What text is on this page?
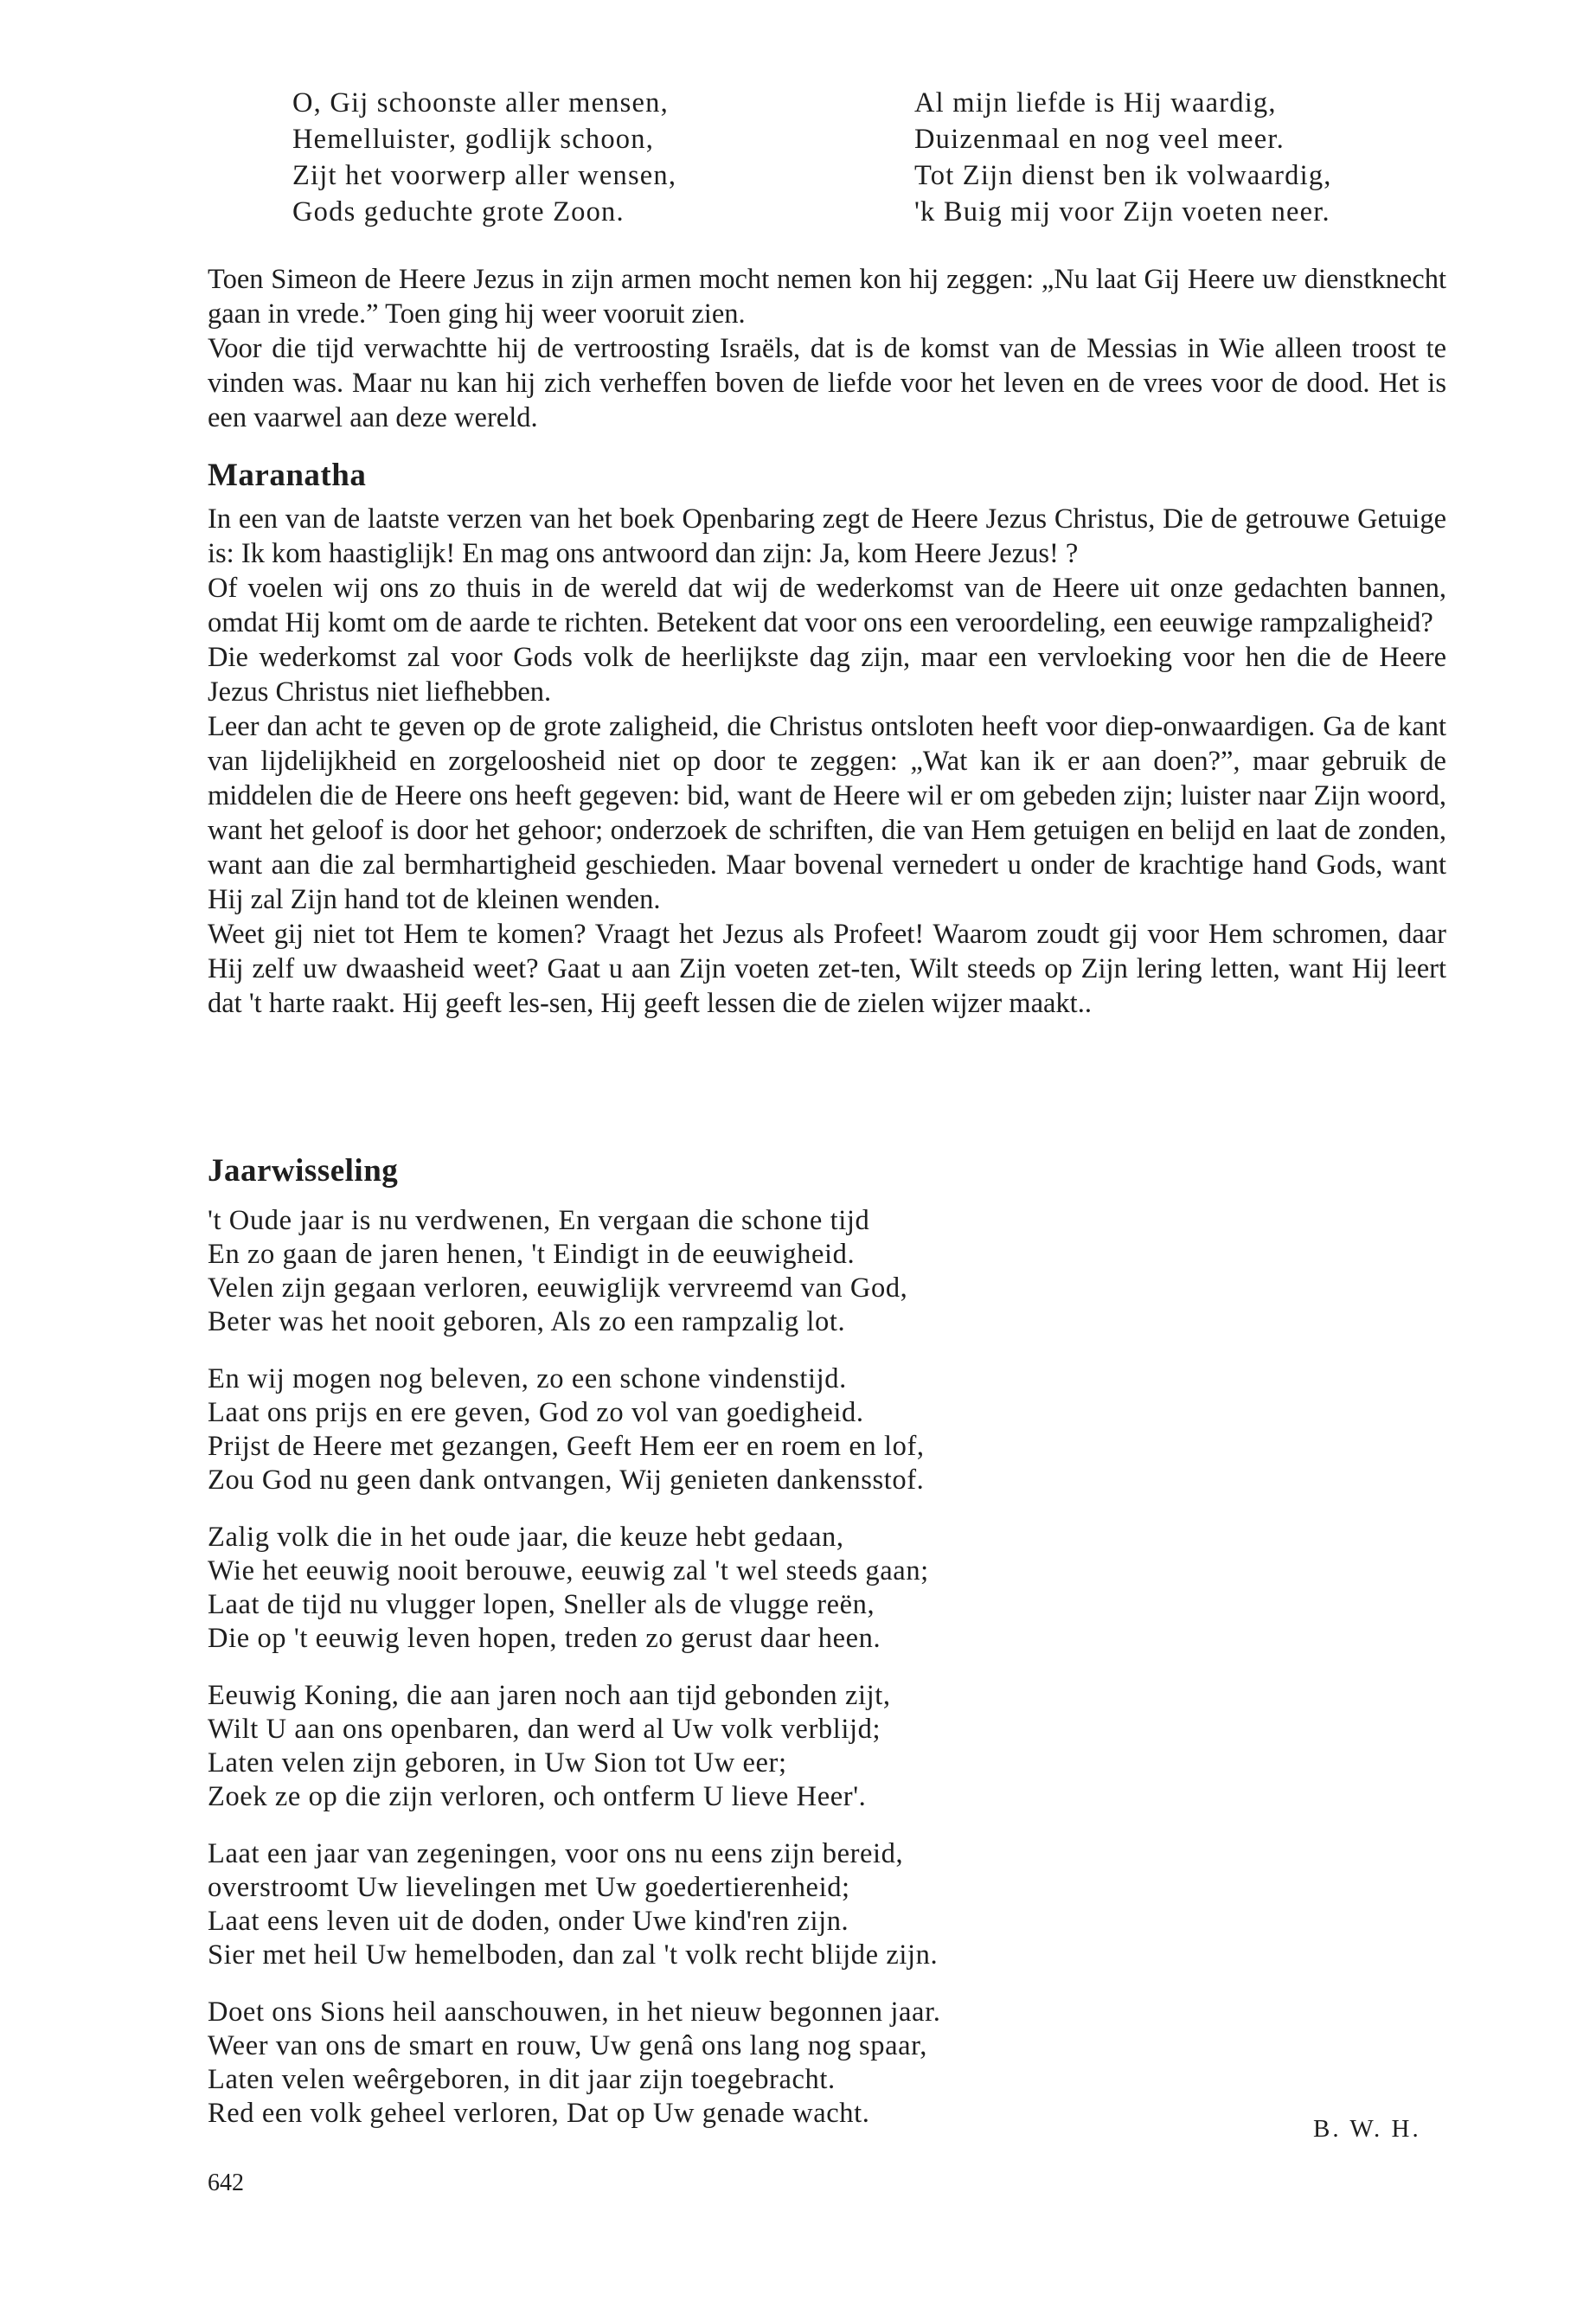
O, Gij schoonste aller mensen,
Hemelluister, godlijk schoon,
Zijt het voorwerp aller wensen,
Gods geduchte grote Zoon.
Al mijn liefde is Hij waardig,
Duizenmaal en nog veel meer.
Tot Zijn dienst ben ik volwaardig,
'k Buig mij voor Zijn voeten neer.

Toen Simeon de Heere Jezus in zijn armen mocht nemen kon hij zeggen: „Nu laat Gij Heere uw dienstknecht gaan in vrede.” Toen ging hij weer vooruit zien.

Voor die tijd verwachtte hij de vertroosting Israëls, dat is de komst van de Messias in Wie alleen troost te vinden was. Maar nu kan hij zich verheffen boven de liefde voor het leven en de vrees voor de dood. Het is een vaarwel aan deze wereld.

Maranatha

In een van de laatste verzen van het boek Openbaring zegt de Heere Jezus Christus, Die de getrouwe Getuige is: Ik kom haastiglijk! En mag ons antwoord dan zijn: Ja, kom Heere Jezus! ?

Of voelen wij ons zo thuis in de wereld dat wij de wederkomst van de Heere uit onze gedachten bannen, omdat Hij komt om de aarde te richten. Betekent dat voor ons een veroordeling, een eeuwige rampzaligheid?

Die wederkomst zal voor Gods volk de heerlijkste dag zijn, maar een vervloeking voor hen die de Heere Jezus Christus niet liefhebben.

Leer dan acht te geven op de grote zaligheid, die Christus ontsloten heeft voor diep-onwaardigen. Ga de kant van lijdelijkheid en zorgeloosheid niet op door te zeggen: „Wat kan ik er aan doen?”, maar gebruik de middelen die de Heere ons heeft gegeven: bid, want de Heere wil er om gebeden zijn; luister naar Zijn woord, want het geloof is door het gehoor; onderzoek de schriften, die van Hem getuigen en belijd en laat de zonden, want aan die zal bermhartigheid geschieden. Maar bovenal vernedert u onder de krachtige hand Gods, want Hij zal Zijn hand tot de kleinen wenden.

Weet gij niet tot Hem te komen? Vraagt het Jezus als Profeet! Waarom zoudt gij voor Hem schromen, daar Hij zelf uw dwaasheid weet? Gaat u aan Zijn voeten zet-ten, Wilt steeds op Zijn lering letten, want Hij leert dat 't harte raakt. Hij geeft les-sen, Hij geeft lessen die de zielen wijzer maakt..

Jaarwisseling
't Oude jaar is nu verdwenen, En vergaan die schone tijd
En zo gaan de jaren henen, 't Eindigt in de eeuwigheid.
Velen zijn gegaan verloren, eeuwiglijk vervreemd van God,
Beter was het nooit geboren, Als zo een rampzalig lot.
En wij mogen nog beleven, zo een schone vindenstijd.
Laat ons prijs en ere geven, God zo vol van goedigheid.
Prijst de Heere met gezangen, Geeft Hem eer en roem en lof,
Zou God nu geen dank ontvangen, Wij genieten dankensstof.
Zalig volk die in het oude jaar, die keuze hebt gedaan,
Wie het eeuwig nooit berouwe, eeuwig zal 't wel steeds gaan;
Laat de tijd nu vlugger lopen, Sneller als de vlugge reën,
Die op 't eeuwig leven hopen, treden zo gerust daar heen.
Eeuwig Koning, die aan jaren noch aan tijd gebonden zijt,
Wilt U aan ons openbaren, dan werd al Uw volk verblijd;
Laten velen zijn geboren, in Uw Sion tot Uw eer;
Zoek ze op die zijn verloren, och ontferm U lieve Heer'.
Laat een jaar van zegeningen, voor ons nu eens zijn bereid,
overstroomt Uw lievelingen met Uw goedertierenheid;
Laat eens leven uit de doden, onder Uwe kind'ren zijn.
Sier met heil Uw hemelboden, dan zal 't volk recht blijde zijn.
Doet ons Sions heil aanschouwen, in het nieuw begonnen jaar.
Weer van ons de smart en rouw, Uw genâ ons lang nog spaar,
Laten velen weêrgeboren, in dit jaar zijn toegebracht.
Red een volk geheel verloren, Dat op Uw genade wacht.	B. W. H.
642
